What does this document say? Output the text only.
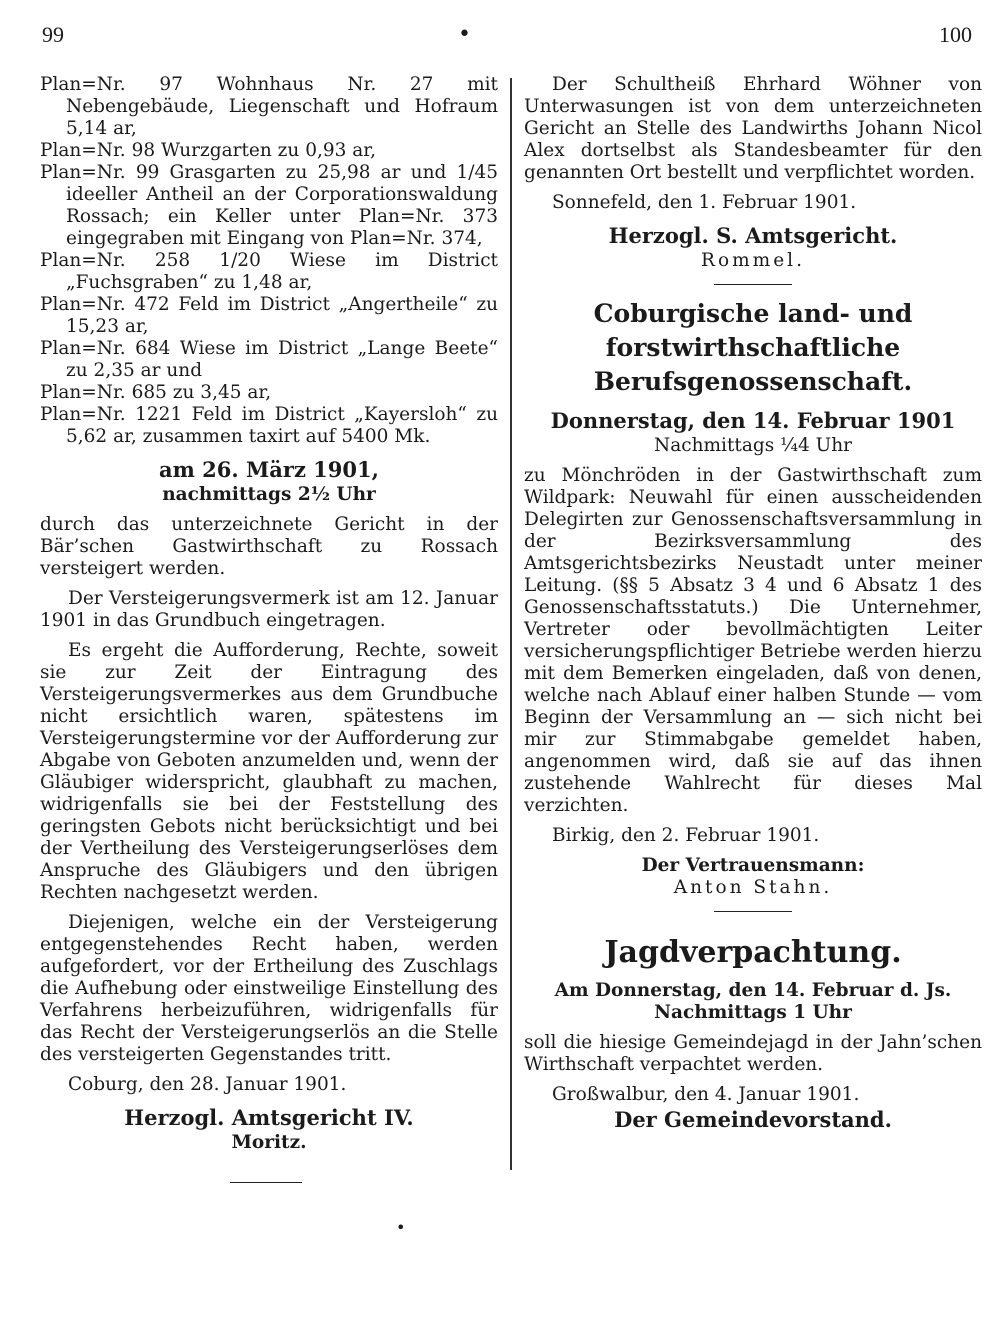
99	•	100

Plan=Nr. 97 Wohnhaus Nr. 27 mit Nebengebäude, Liegenschaft und Hofraum 5,14 ar,

Plan=Nr. 98 Wurzgarten zu 0,93 ar,

Plan=Nr. 99 Grasgarten zu 25,98 ar und 1/45 ideeller Antheil an der Corporationswaldung Rossach; ein Keller unter Plan=Nr. 373 eingegraben mit Eingang von Plan=Nr. 374,

Plan=Nr. 258 1/20 Wiese im District „Fuchsgraben“ zu 1,48 ar,

Plan=Nr. 472 Feld im District „Angertheile“ zu 15,23 ar,

Plan=Nr. 684 Wiese im District „Lange Beete“ zu 2,35 ar und

Plan=Nr. 685 zu 3,45 ar,

Plan=Nr. 1221 Feld im District „Kayersloh“ zu 5,62 ar, zusammen taxirt auf 5400 Mk.

am 26. März 1901,

nachmittags 2½ Uhr

durch das unterzeichnete Gericht in der Bär’schen Gastwirthschaft zu Rossach versteigert werden.

Der Versteigerungsvermerk ist am 12. Januar 1901 in das Grundbuch eingetragen.

Es ergeht die Aufforderung, Rechte, soweit sie zur Zeit der Eintragung des Versteigerungsvermerkes aus dem Grundbuche nicht ersichtlich waren, spätestens im Versteigerungstermine vor der Aufforderung zur Abgabe von Geboten anzumelden und, wenn der Gläubiger widerspricht, glaubhaft zu machen, widrigenfalls sie bei der Feststellung des geringsten Gebots nicht berücksichtigt und bei der Vertheilung des Versteigerungserlöses dem Anspruche des Gläubigers und den übrigen Rechten nachgesetzt werden.

Diejenigen, welche ein der Versteigerung entgegenstehendes Recht haben, werden aufgefordert, vor der Ertheilung des Zuschlags die Aufhebung oder einstweilige Einstellung des Verfahrens herbeizuführen, widrigenfalls für das Recht der Versteigerungserlös an die Stelle des versteigerten Gegenstandes tritt.

Coburg, den 28. Januar 1901.

Herzogl. Amtsgericht IV.

Moritz.

Der Schultheiß Ehrhard Wöhner von Unterwasungen ist von dem unterzeichneten Gericht an Stelle des Landwirths Johann Nicol Alex dortselbst als Standesbeamter für den genannten Ort bestellt und verpflichtet worden.

Sonnefeld, den 1. Februar 1901.

Herzogl. S. Amtsgericht.

Rommel.

Coburgische land- und forstwirthschaftliche Berufsgenossenschaft.

Donnerstag, den 14. Februar 1901

Nachmittags ¼4 Uhr

zu Mönchröden in der Gastwirthschaft zum Wildpark: Neuwahl für einen ausscheidenden Delegirten zur Genossenschaftsversammlung in der Bezirksversammlung des Amtsgerichtsbezirks Neustadt unter meiner Leitung. (§§ 5 Absatz 3 4 und 6 Absatz 1 des Genossenschaftsstatuts.) Die Unternehmer, Vertreter oder bevollmächtigten Leiter versicherungspflichtiger Betriebe werden hierzu mit dem Bemerken eingeladen, daß von denen, welche nach Ablauf einer halben Stunde — vom Beginn der Versammlung an — sich nicht bei mir zur Stimmabgabe gemeldet haben, angenommen wird, daß sie auf das ihnen zustehende Wahlrecht für dieses Mal verzichten.

Birkig, den 2. Februar 1901.

Der Vertrauensmann:

Anton Stahn.

Jagdverpachtung.

Am Donnerstag, den 14. Februar d. Js.

Nachmittags 1 Uhr

soll die hiesige Gemeindejagd in der Jahn’schen Wirthschaft verpachtet werden.

Großwalbur, den 4. Januar 1901.

Der Gemeindevorstand.

•
